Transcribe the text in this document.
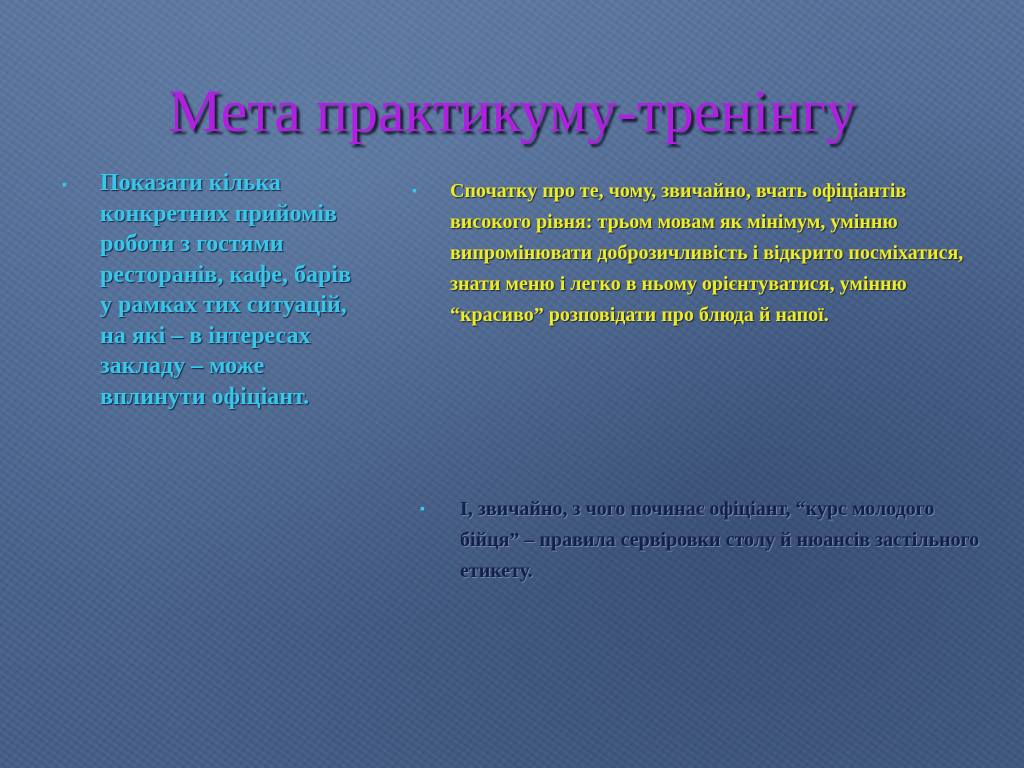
Мета практикуму-тренінгу
▪ Показати кілька конкретних прийомів роботи з гостями ресторанів, кафе, барів у рамках тих ситуацій, на які – в інтересах закладу – може вплинути офіціант.
▪ Спочатку про те, чому, звичайно, вчать офіціантів високого рівня: трьом мовам як мінімум, умінню випромінювати доброзичливість і відкрито посміхатися, знати меню і легко в ньому орієнтуватися, умінню “красиво” розповідати про блюда й напої.
▪ І, звичайно, з чого починає офіціант, “курс молодого бійця” – правила сервіровки столу й нюансів застільного етикету.
